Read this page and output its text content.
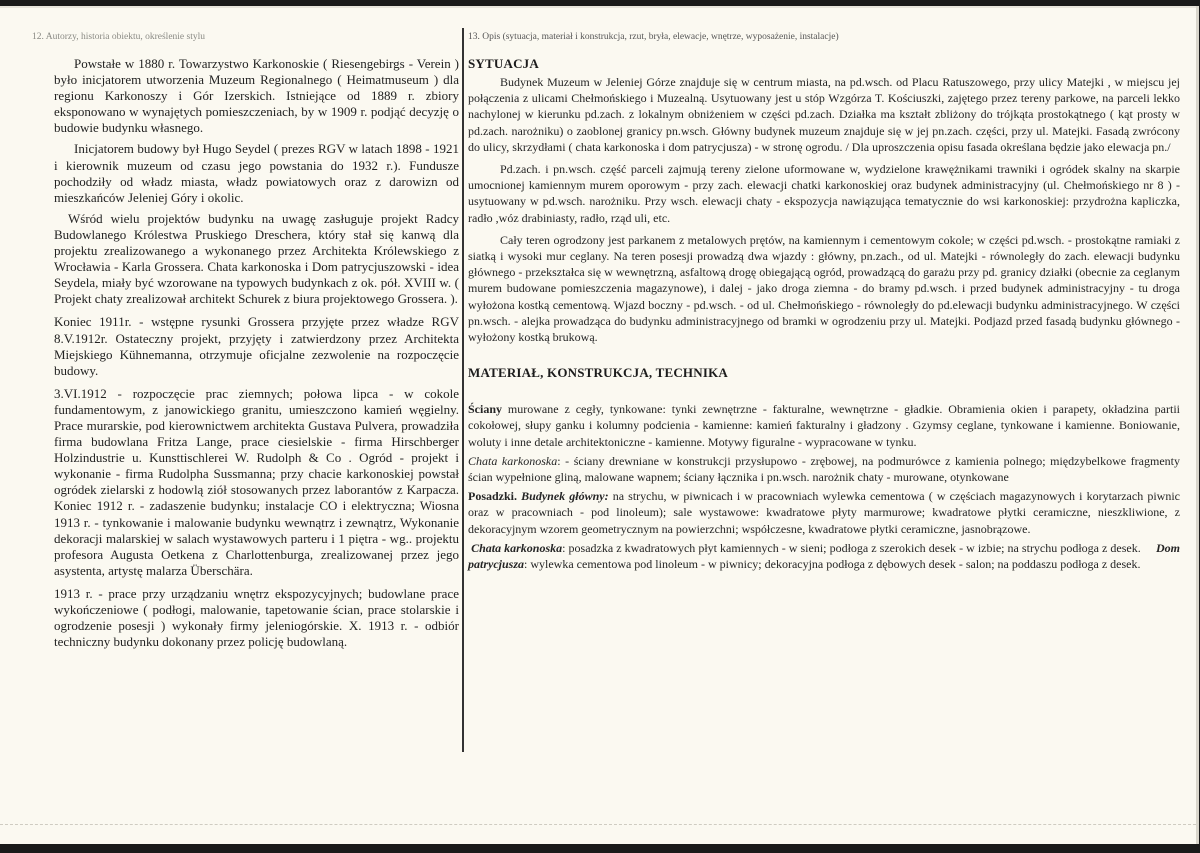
12. Autorzy, historia obiektu, określenie stylu

Powstałe w 1880 r. Towarzystwo Karkonoskie ( Riesengebirgs - Verein ) było inicjatorem utworzenia Muzeum Regionalnego ( Heimatmuseum ) dla regionu Karkonoszy i Gór Izerskich. Istniejące od 1889 r. zbiory eksponowano w wynajętych pomieszczeniach, by w 1909 r. podjąć decyzję o budowie budynku własnego.

Inicjatorem budowy był Hugo Seydel ( prezes RGV w latach 1898 - 1921 i kierownik muzeum od czasu jego powstania do 1932 r.). Fundusze pochodziły od władz miasta, władz powiatowych oraz z darowizn od mieszkańców Jeleniej Góry i okolic.

Wśród wielu projektów budynku na uwagę zasługuje projekt Radcy Budowlanego Królestwa Pruskiego Dreschera, który stał się kanwą dla projektu zrealizowanego a wykonanego przez Architekta Królewskiego z Wrocławia - Karla Grossera. Chata karkonoska i Dom patrycjuszowski - idea Seydela, miały być wzorowane na typowych budynkach z ok. pół. XVIII w. ( Projekt chaty zrealizował architekt Schurek z biura projektowego Grossera. ).

Koniec 1911r. - wstępne rysunki Grossera przyjęte przez władze RGV 8.V.1912r. Ostateczny projekt, przyjęty i zatwierdzony przez Architekta Miejskiego Kühnemanna, otrzymuje oficjalne zezwolenie na rozpoczęcie budowy.

3.VI.1912 - rozpoczęcie prac ziemnych; połowa lipca - w cokole fundamentowym, z janowickiego granitu, umieszczono kamień węgielny. Prace murarskie, pod kierownictwem architekta Gustava Pulvera, prowadziła firma budowlana Fritza Lange, prace ciesielskie - firma Hirschberger Holzindustrie u. Kunsttischlerei W. Rudolph & Co . Ogród - projekt i wykonanie - firma Rudolpha Sussmanna; przy chacie karkonoskiej powstał ogródek zielarski z hodowlą ziół stosowanych przez laborantów z Karpacza. Koniec 1912 r. - zadaszenie budynku; instalacje CO i elektryczna; Wiosna 1913 r. - tynkowanie i malowanie budynku wewnątrz i zewnątrz, Wykonanie dekoracji malarskiej w salach wystawowych parteru i 1 piętra - wg.. projektu profesora Augusta Oetkena z Charlottenburga, zrealizowanej przez jego asystenta, artystę malarza Überschära.

1913 r. - prace przy urządzaniu wnętrz ekspozycyjnych; budowlane prace wykończeniowe ( podłogi, malowanie, tapetowanie ścian, prace stolarskie i ogrodzenie posesji ) wykonały firmy jeleniogórskie. X. 1913 r. - odbiór techniczny budynku dokonany przez policję budowlaną.

13. Opis (sytuacja, materiał i konstrukcja, rzut, bryła, elewacje, wnętrze, wyposażenie, instalacje)
SYTUACJA

Budynek Muzeum w Jeleniej Górze znajduje się w centrum miasta, na pd.wsch. od Placu Ratuszowego, przy ulicy Matejki , w miejscu jej połączenia z ulicami Chełmońskiego i Muzealną. Usytuowany jest u stóp Wzgórza T. Kościuszki, zajętego przez tereny parkowe, na parceli lekko nachylonej w kierunku pd.zach. z lokalnym obniżeniem w części pd.zach. Działka ma kształt zbliżony do trójkąta prostokątnego ( kąt prosty w pd.zach. narożniku) o zaoblonej granicy pn.wsch. Główny budynek muzeum znajduje się w jej pn.zach. części, przy ul. Matejki. Fasadą zwrócony do ulicy, skrzydłami ( chata karkonoska i dom patrycjusza) - w stronę ogrodu. / Dla uproszczenia opisu fasada określana będzie jako elewacja pn./

Pd.zach. i pn.wsch. część parceli zajmują tereny zielone uformowane w, wydzielone krawężnikami trawniki i ogródek skalny na skarpie umocnionej kamiennym murem oporowym - przy zach. elewacji chatki karkonoskiej oraz budynek administracyjny (ul. Chełmońskiego nr 8 ) - usytuowany w pd.wsch. narożniku. Przy wsch. elewacji chaty - ekspozycja nawiązująca tematycznie do wsi karkonoskiej: przydrożna kapliczka, radło ,wóz drabiniasty, radło, rząd uli, etc.

Cały teren ogrodzony jest parkanem z metalowych prętów, na kamiennym i cementowym cokole; w części pd.wsch. - prostokątne ramiaki z siatką i wysoki mur ceglany. Na teren posesji prowadzą dwa wjazdy : główny, pn.zach., od ul. Matejki - równoległy do zach. elewacji budynku głównego - przekształca się w wewnętrzną, asfaltową drogę obiegającą ogród, prowadzącą do garażu przy pd. granicy działki (obecnie za ceglanym murem budowane pomieszczenia magazynowe), i dalej - jako droga ziemna - do bramy pd.wsch. i przed budynek administracyjny - tu droga wyłożona kostką cementową. Wjazd boczny - pd.wsch. - od ul. Chełmońskiego - równoległy do pd.elewacji budynku administracyjnego. W części pn.wsch. - alejka prowadząca do budynku administracyjnego od bramki w ogrodzeniu przy ul. Matejki. Podjazd przed fasadą budynku głównego - wyłożony kostką brukową.

MATERIAŁ, KONSTRUKCJA, TECHNIKA

Ściany murowane z cegły, tynkowane: tynki zewnętrzne - fakturalne, wewnętrzne - gładkie. Obramienia okien i parapety, okładzina partii cokołowej, słupy ganku i kolumny podcienia - kamienne: kamień fakturalny i gładzony . Gzymsy ceglane, tynkowane i kamienne. Boniowanie, woluty i inne detale architektoniczne - kamienne. Motywy figuralne - wypracowane w tynku.

Chata karkonoska: - ściany drewniane w konstrukcji przysłupowo - zrębowej, na podmurówce z kamienia polnego; międzybelkowe fragmenty ścian wypełnione gliną, malowane wapnem; ściany łącznika i pn.wsch. narożnik chaty - murowane, otynkowane

Posadzki. Budynek główny: na strychu, w piwnicach i w pracowniach wylewka cementowa ( w częściach magazynowych i korytarzach piwnic oraz w pracowniach - pod linoleum); sale wystawowe: kwadratowe płyty marmurowe; kwadratowe płytki ceramiczne, nieszkliwione, z dekoracyjnym wzorem geometrycznym na powierzchni; współczesne, kwadratowe płytki ceramiczne, jasnobrązowe.

Chata karkonoska: posadzka z kwadratowych płyt kamiennych - w sieni; podłoga z szerokich desek - w izbie; na strychu podłoga z desek. Dom patrycjusza: wylewka cementowa pod linoleum - w piwnicy; dekoracyjna podłoga z dębowych desek - salon; na poddaszu podłoga z desek.
